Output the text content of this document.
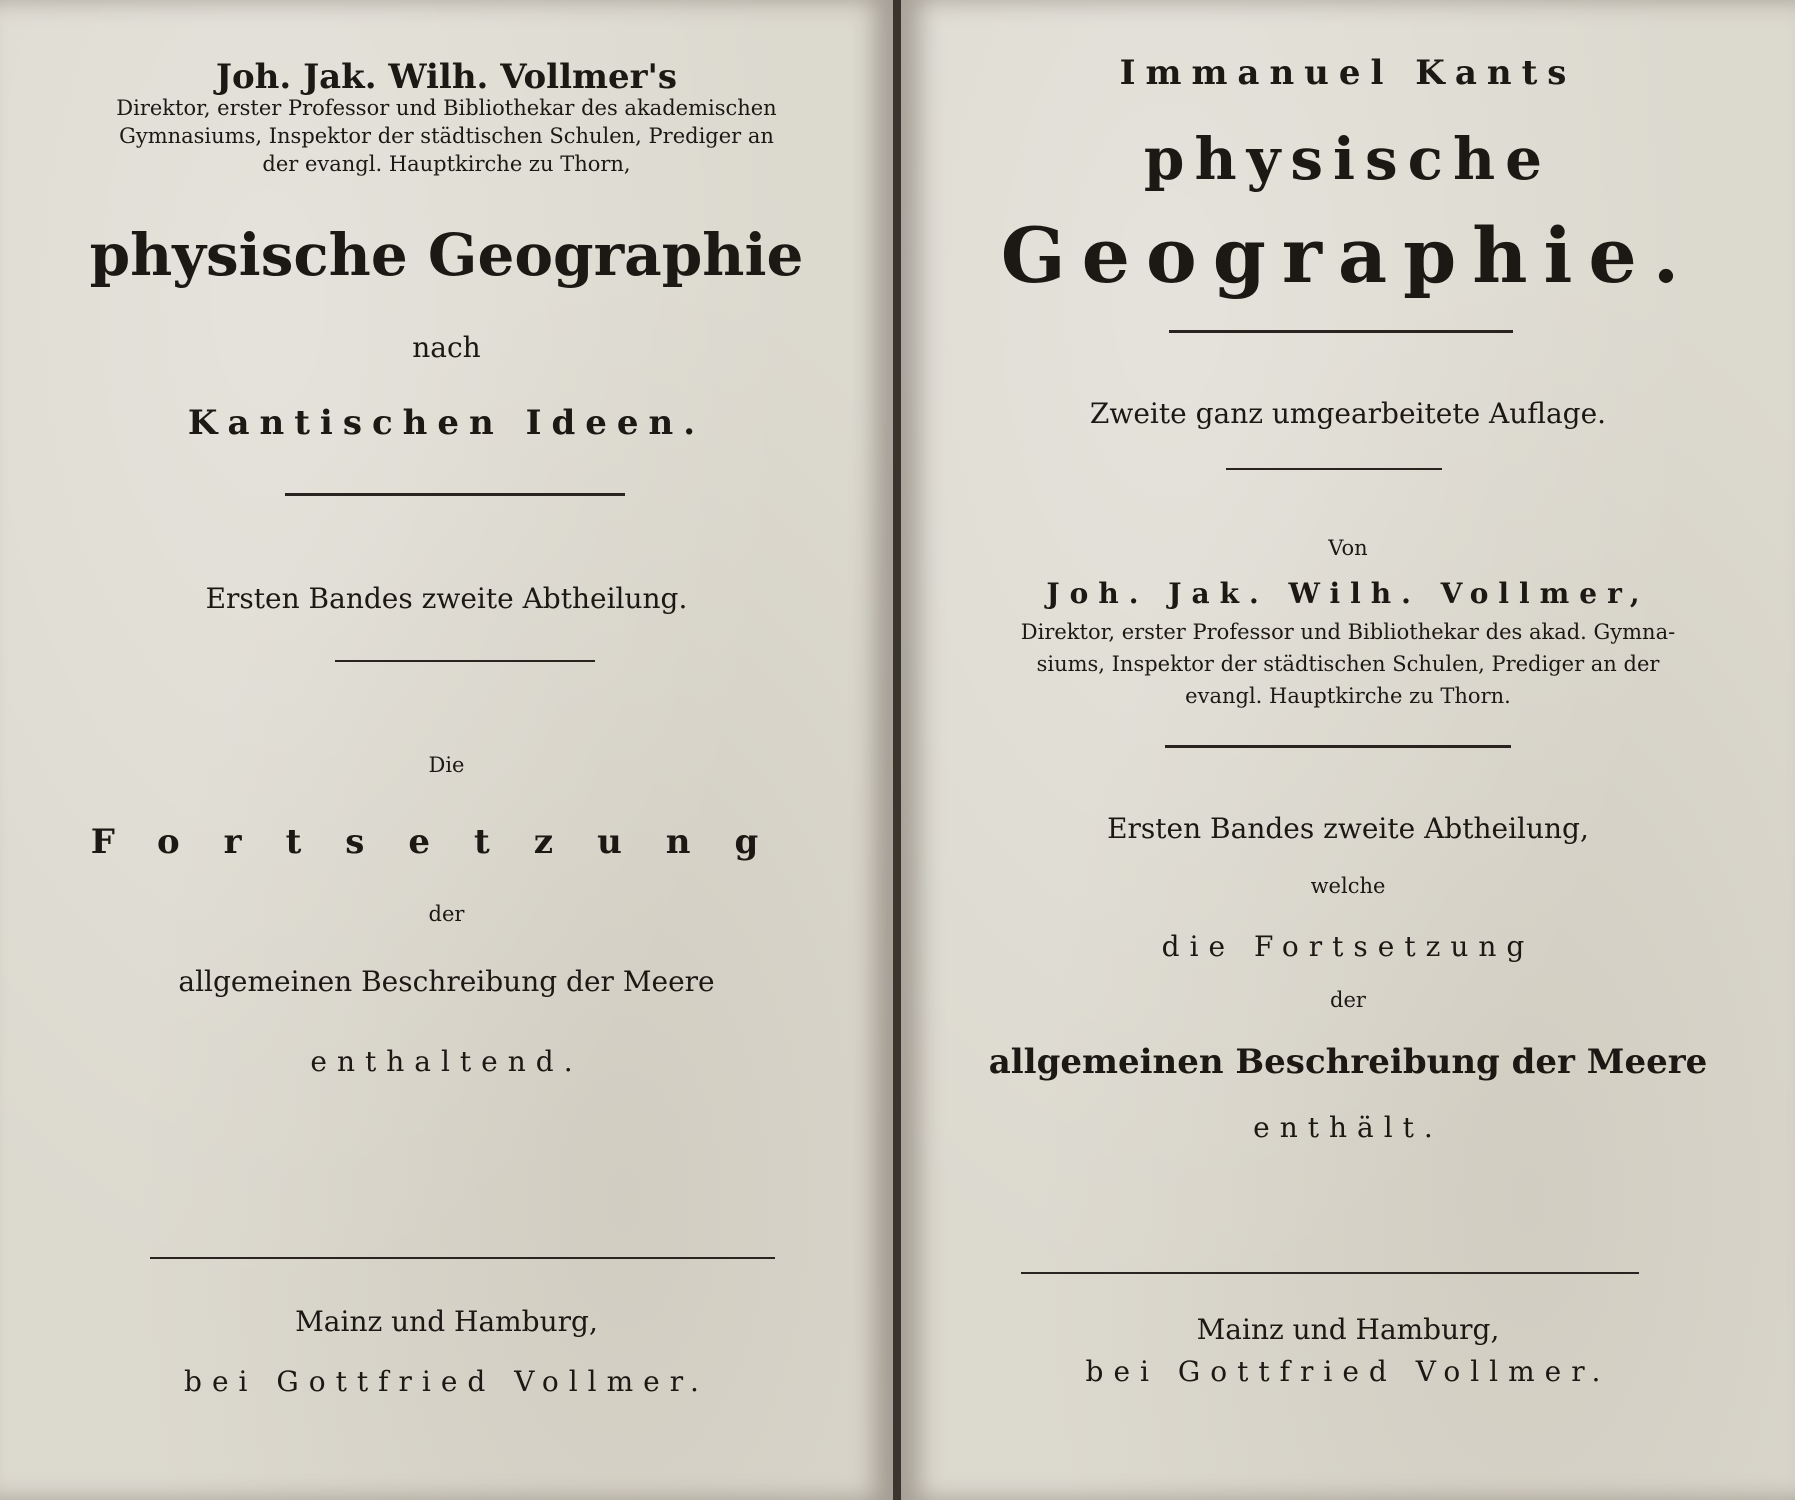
Joh. Jak. Wilh. Vollmer's
Direktor, erster Professor und Bibliothekar des akademischen
Gymnasiums, Inspektor der städtischen Schulen, Prediger an
der evangl. Hauptkirche zu Thorn,
physische Geographie
nach
Kantischen Ideen.
Ersten Bandes zweite Abtheilung.
Die
Fortsetzung
der
allgemeinen Beschreibung der Meere
enthaltend.
Mainz und Hamburg,
bei Gottfried Vollmer.
Immanuel Kants
physische
Geographie.
Zweite ganz umgearbeitete Auflage.
Von
Joh. Jak. Wilh. Vollmer,
Direktor, erster Professor und Bibliothekar des akad. Gymna-
siums, Inspektor der städtischen Schulen, Prediger an der
evangl. Hauptkirche zu Thorn.
Ersten Bandes zweite Abtheilung,
welche
die Fortsetzung
der
allgemeinen Beschreibung der Meere
enthält.
Mainz und Hamburg,
bei Gottfried Vollmer.
